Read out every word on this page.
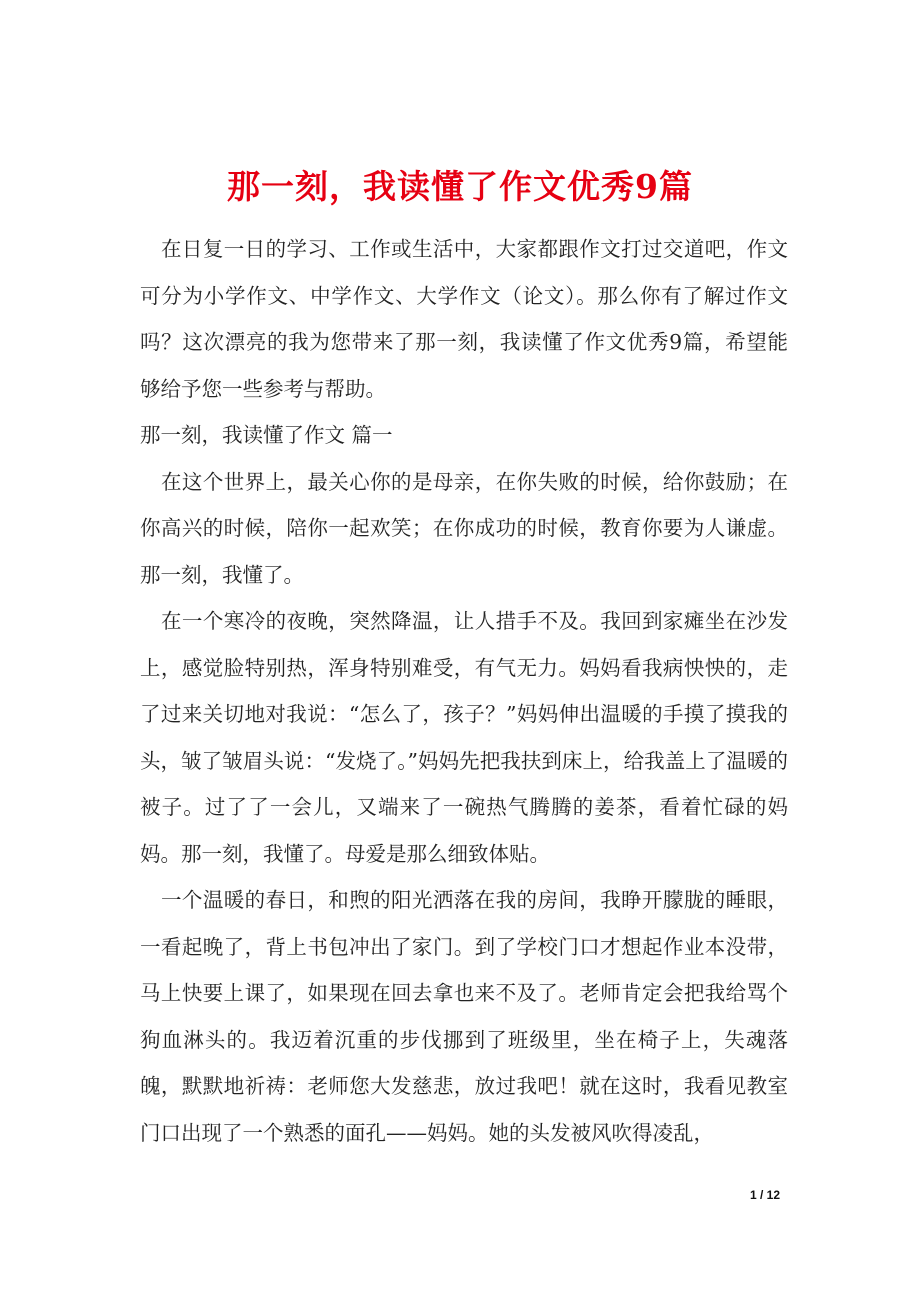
那一刻，我读懂了作文优秀9篇

在日复一日的学习、工作或生活中，大家都跟作文打过交道吧，作文可分为小学作文、中学作文、大学作文（论文）。那么你有了解过作文吗？这次漂亮的我为您带来了那一刻，我读懂了作文优秀9篇，希望能够给予您一些参考与帮助。

那一刻，我读懂了作文 篇一

在这个世界上，最关心你的是母亲，在你失败的时候，给你鼓励；在你高兴的时候，陪你一起欢笑；在你成功的时候，教育你要为人谦虚。那一刻，我懂了。

在一个寒冷的夜晚，突然降温，让人措手不及。我回到家瘫坐在沙发上，感觉脸特别热，浑身特别难受，有气无力。妈妈看我病怏怏的，走了过来关切地对我说：“怎么了，孩子？”妈妈伸出温暖的手摸了摸我的头，皱了皱眉头说：“发烧了。”妈妈先把我扶到床上，给我盖上了温暖的被子。过了了一会儿，又端来了一碗热气腾腾的姜茶，看着忙碌的妈妈。那一刻，我懂了。母爱是那么细致体贴。

一个温暖的春日，和煦的阳光洒落在我的房间，我睁开朦胧的睡眼，一看起晚了，背上书包冲出了家门。到了学校门口才想起作业本没带，马上快要上课了，如果现在回去拿也来不及了。老师肯定会把我给骂个狗血淋头的。我迈着沉重的步伐挪到了班级里，坐在椅子上，失魂落魄，默默地祈祷：老师您大发慈悲，放过我吧！就在这时，我看见教室门口出现了一个熟悉的面孔——妈妈。她的头发被风吹得凌乱，

1 / 12
